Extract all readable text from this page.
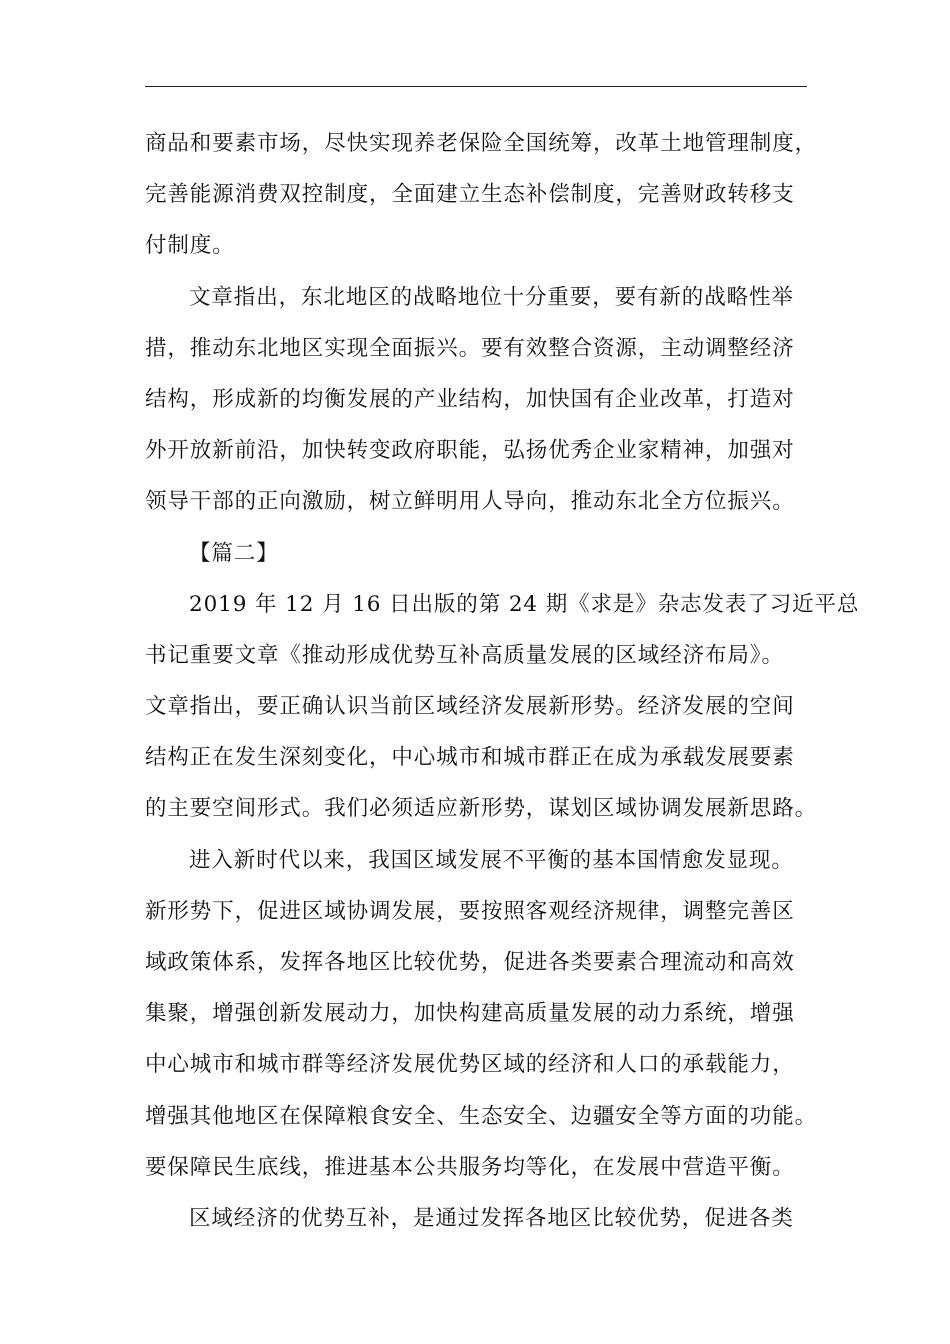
商品和要素市场，尽快实现养老保险全国统筹，改革土地管理制度，
完善能源消费双控制度，全面建立生态补偿制度，完善财政转移支
付制度。
文章指出，东北地区的战略地位十分重要，要有新的战略性举
措，推动东北地区实现全面振兴。要有效整合资源，主动调整经济
结构，形成新的均衡发展的产业结构，加快国有企业改革，打造对
外开放新前沿，加快转变政府职能，弘扬优秀企业家精神，加强对
领导干部的正向激励，树立鲜明用人导向，推动东北全方位振兴。
【篇二】
2019 年 12 月 16 日出版的第 24 期《求是》杂志发表了习近平总
书记重要文章《推动形成优势互补高质量发展的区域经济布局》。
文章指出，要正确认识当前区域经济发展新形势。经济发展的空间
结构正在发生深刻变化，中心城市和城市群正在成为承载发展要素
的主要空间形式。我们必须适应新形势，谋划区域协调发展新思路。
进入新时代以来，我国区域发展不平衡的基本国情愈发显现。
新形势下，促进区域协调发展，要按照客观经济规律，调整完善区
域政策体系，发挥各地区比较优势，促进各类要素合理流动和高效
集聚，增强创新发展动力，加快构建高质量发展的动力系统，增强
中心城市和城市群等经济发展优势区域的经济和人口的承载能力，
增强其他地区在保障粮食安全、生态安全、边疆安全等方面的功能。
要保障民生底线，推进基本公共服务均等化，在发展中营造平衡。
区域经济的优势互补，是通过发挥各地区比较优势，促进各类
